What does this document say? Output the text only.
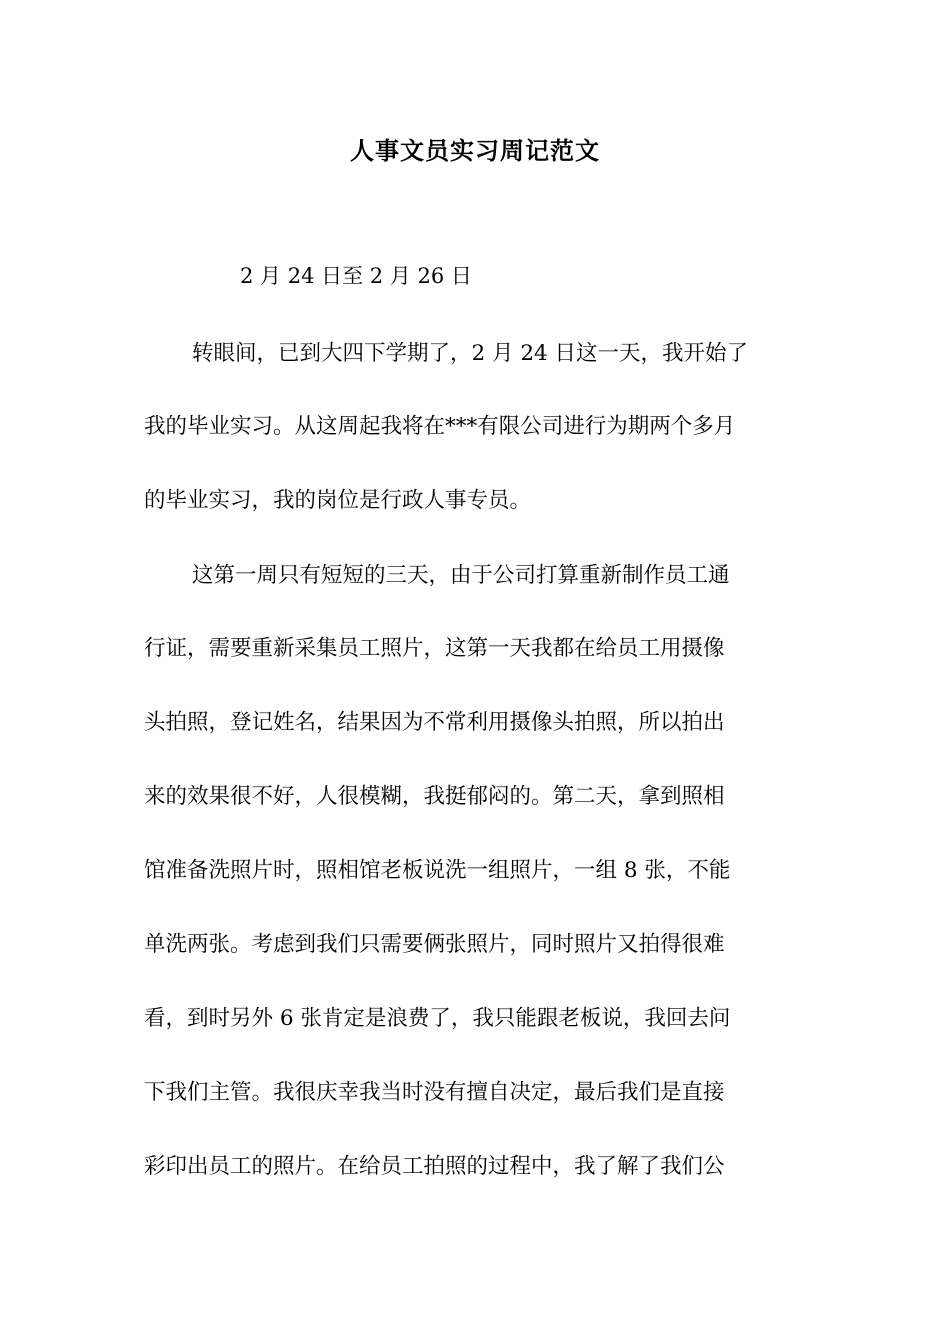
人事文员实习周记范文
2 月 24 日至 2 月 26 日
转眼间，已到大四下学期了，2 月 24 日这一天，我开始了
我的毕业实习。从这周起我将在***有限公司进行为期两个多月
的毕业实习，我的岗位是行政人事专员。
这第一周只有短短的三天，由于公司打算重新制作员工通
行证，需要重新采集员工照片，这第一天我都在给员工用摄像
头拍照，登记姓名，结果因为不常利用摄像头拍照，所以拍出
来的效果很不好，人很模糊，我挺郁闷的。第二天，拿到照相
馆准备洗照片时，照相馆老板说洗一组照片，一组 8 张，不能
单洗两张。考虑到我们只需要俩张照片，同时照片又拍得很难
看，到时另外 6 张肯定是浪费了，我只能跟老板说，我回去问
下我们主管。我很庆幸我当时没有擅自决定，最后我们是直接
彩印出员工的照片。在给员工拍照的过程中，我了解了我们公
